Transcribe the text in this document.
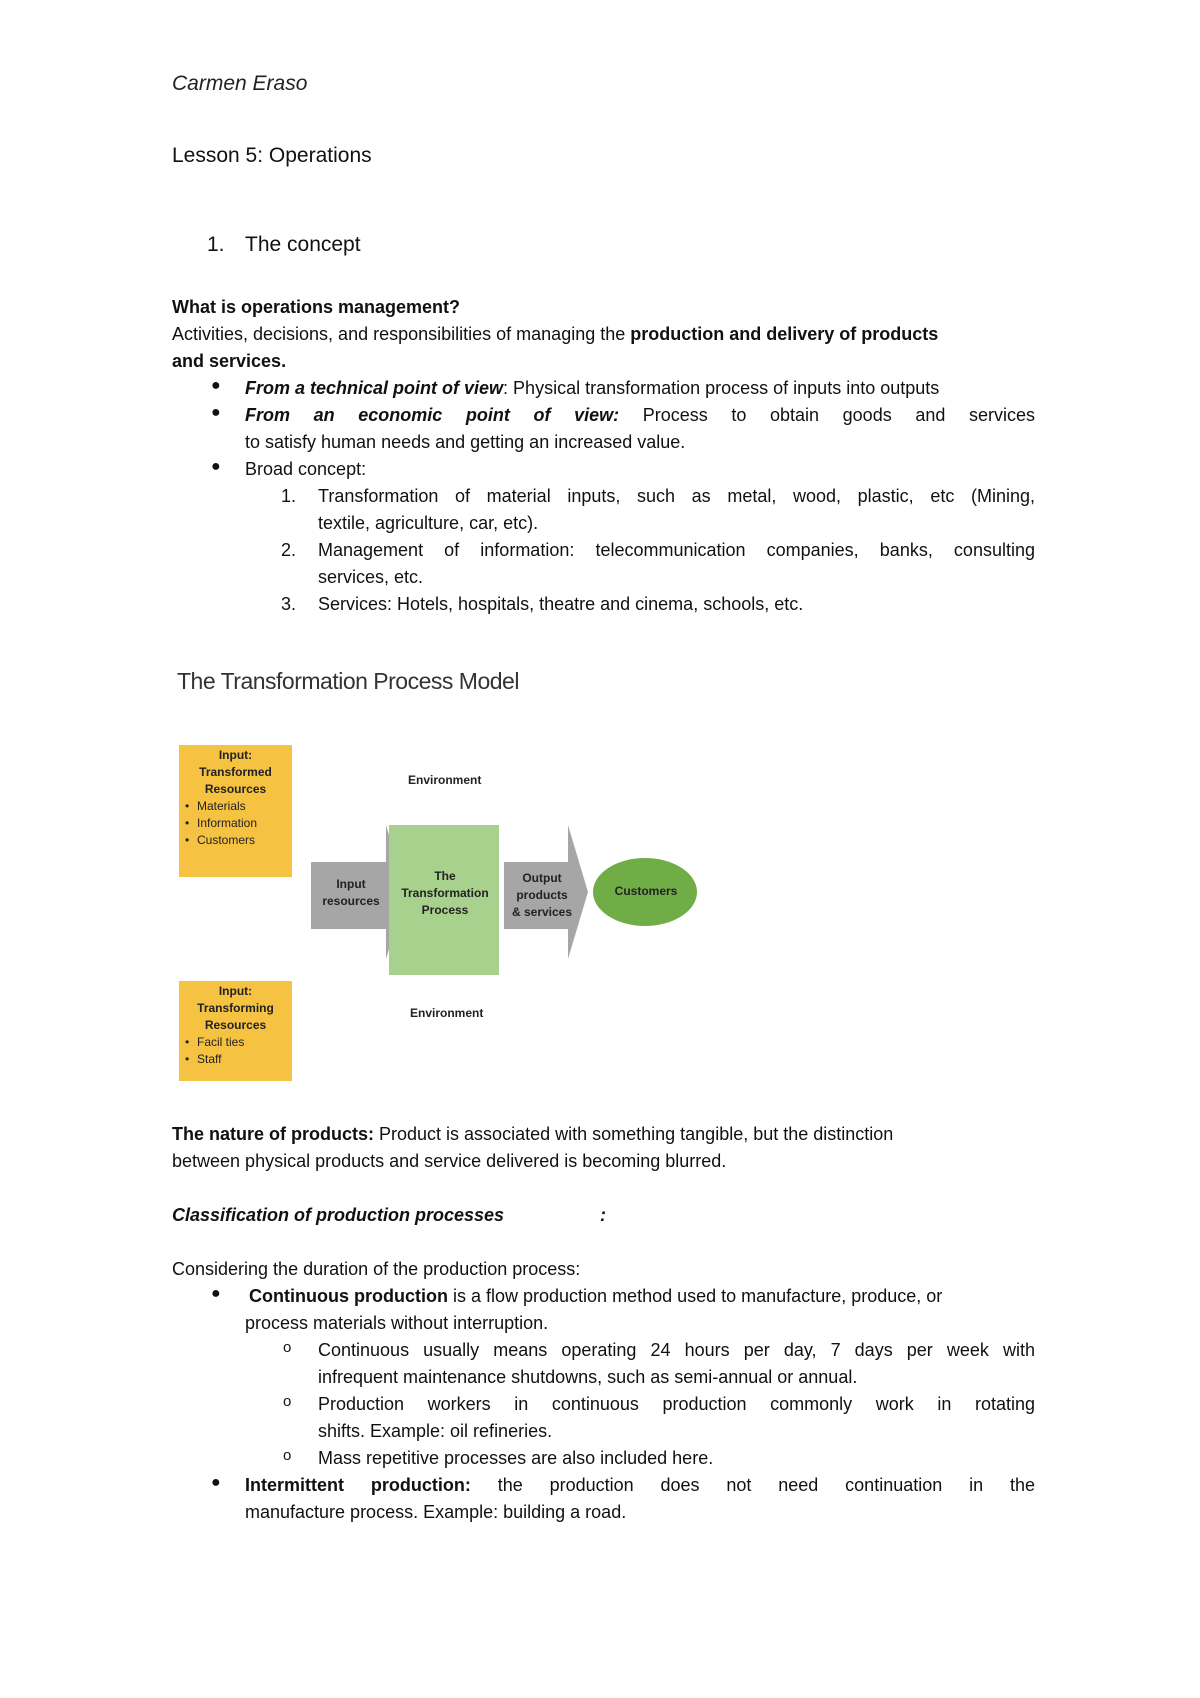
Carmen Eraso
Lesson 5: Operations
1. The concept
What is operations management?
Activities, decisions, and responsibilities of managing the production and delivery of products
and services.
● From a technical point of view: Physical transformation process of inputs into outputs
● From an economic point of view: Process to obtain goods and services
to satisfy human needs and getting an increased value.
● Broad concept:
1. Transformation of material inputs, such as metal, wood, plastic, etc (Mining,
textile, agriculture, car, etc).
2. Management of information: telecommunication companies, banks, consulting
services, etc.
3. Services: Hotels, hospitals, theatre and cinema, schools, etc.
The Transformation Process Model
Input:
Transformed
Resources
• Materials
• Information
• Customers
Input:
Transforming
Resources
• Facil ties
• Staff
Environment
Environment
Input
resources
The
Transformation
Process
Output
products
& services
Customers
The nature of products: Product is associated with something tangible, but the distinction
between physical products and service delivered is becoming blurred.
Classification of production processes	:
Considering the duration of the production process:
● Continuous production is a flow production method used to manufacture, produce, or
process materials without interruption.
o Continuous usually means operating 24 hours per day, 7 days per week with
infrequent maintenance shutdowns, such as semi-annual or annual.
o Production workers in continuous production commonly work in rotating
shifts. Example: oil refineries.
o Mass repetitive processes are also included here.
● Intermittent production: the production does not need continuation in the
manufacture process. Example: building a road.
